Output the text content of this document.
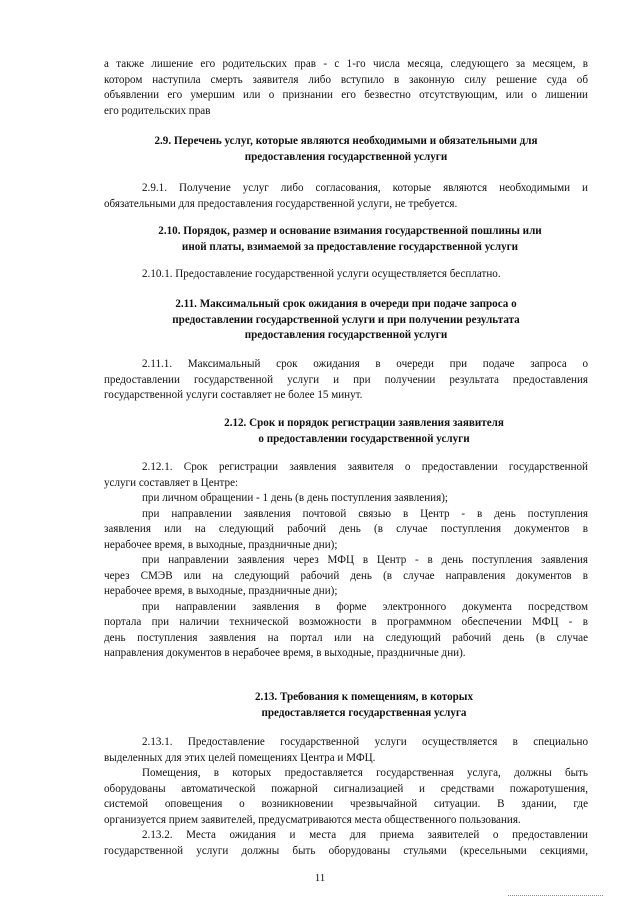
а также лишение его родительских прав - с 1-го числа месяца, следующего за месяцем, в
котором наступила смерть заявителя либо вступило в законную силу решение суда об
объявлении его умершим или о признании его безвестно отсутствующим, или о лишении
его родительских прав
2.9. Перечень услуг, которые являются необходимыми и обязательными для
предоставления государственной услуги
2.9.1. Получение услуг либо согласования, которые являются необходимыми и
обязательными для предоставления государственной услуги, не требуется.
2.10. Порядок, размер и основание взимания государственной пошлины или
иной платы, взимаемой за предоставление государственной услуги
2.10.1. Предоставление государственной услуги осуществляется бесплатно.
2.11. Максимальный срок ожидания в очереди при подаче запроса о
предоставлении государственной услуги и при получении результата
предоставления государственной услуги
2.11.1. Максимальный срок ожидания в очереди при подаче запроса о
предоставлении государственной услуги и при получении результата предоставления
государственной услуги составляет не более 15 минут.
2.12. Срок и порядок регистрации заявления заявителя
о предоставлении государственной услуги
2.12.1. Срок регистрации заявления заявителя о предоставлении государственной
услуги составляет в Центре:
при личном обращении - 1 день (в день поступления заявления);
при направлении заявления почтовой связью в Центр - в день поступления
заявления или на следующий рабочий день (в случае поступления документов в
нерабочее время, в выходные, праздничные дни);
при направлении заявления через МФЦ в Центр - в день поступления заявления
через СМЭВ или на следующий рабочий день (в случае направления документов в
нерабочее время, в выходные, праздничные дни);
при направлении заявления в форме электронного документа посредством
портала при наличии технической возможности в программном обеспечении МФЦ - в
день поступления заявления на портал или на следующий рабочий день (в случае
направления документов в нерабочее время, в выходные, праздничные дни).
2.13. Требования к помещениям, в которых
предоставляется государственная услуга
2.13.1. Предоставление государственной услуги осуществляется в специально
выделенных для этих целей помещениях Центра и МФЦ.
Помещения, в которых предоставляется государственная услуга, должны быть
оборудованы автоматической пожарной сигнализацией и средствами пожаротушения,
системой оповещения о возникновении чрезвычайной ситуации. В здании, где
организуется прием заявителей, предусматриваются места общественного пользования.
2.13.2. Места ожидания и места для приема заявителей о предоставлении
государственной услуги должны быть оборудованы стульями (кресельными секциями,
11
